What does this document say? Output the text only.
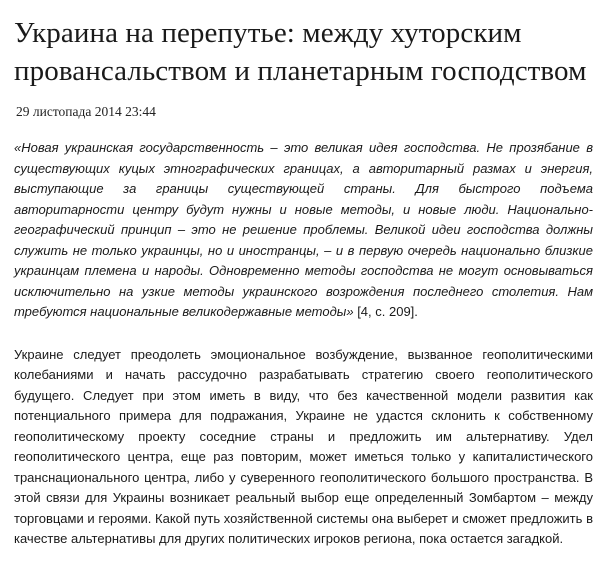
Украина на перепутье: между хуторским провансальством и планетарным господством
29 листопада 2014 23:44
«Новая украинская государственность – это великая идея господства. Не прозябание в существующих куцых этнографических границах, а авторитарный размах и энергия, выступающие за границы существующей страны. Для быстрого подъема авторитарности центру будут нужны и новые методы, и новые люди. Национально-географический принцип – это не решение проблемы. Великой идеи господства должны служить не только украинцы, но и иностранцы, – и в первую очередь национально близкие украинцам племена и народы. Одновременно методы господства не могут основываться исключительно на узкие методы украинского возрождения последнего столетия. Нам требуются национальные великодержавные методы» [4, с. 209].
Украине следует преодолеть эмоциональное возбуждение, вызванное геополитическими колебаниями и начать рассудочно разрабатывать стратегию своего геополитического будущего. Следует при этом иметь в виду, что без качественной модели развития как потенциального примера для подражания, Украине не удастся склонить к собственному геополитическому проекту соседние страны и предложить им альтернативу. Удел геополитического центра, еще раз повторим, может иметься только у капиталистического транснационального центра, либо у суверенного геополитического большого пространства. В этой связи для Украины возникает реальный выбор еще определенный Зомбартом – между торговцами и героями. Какой путь хозяйственной системы она выберет и сможет предложить в качестве альтернативы для других политических игроков региона, пока остается загадкой.
